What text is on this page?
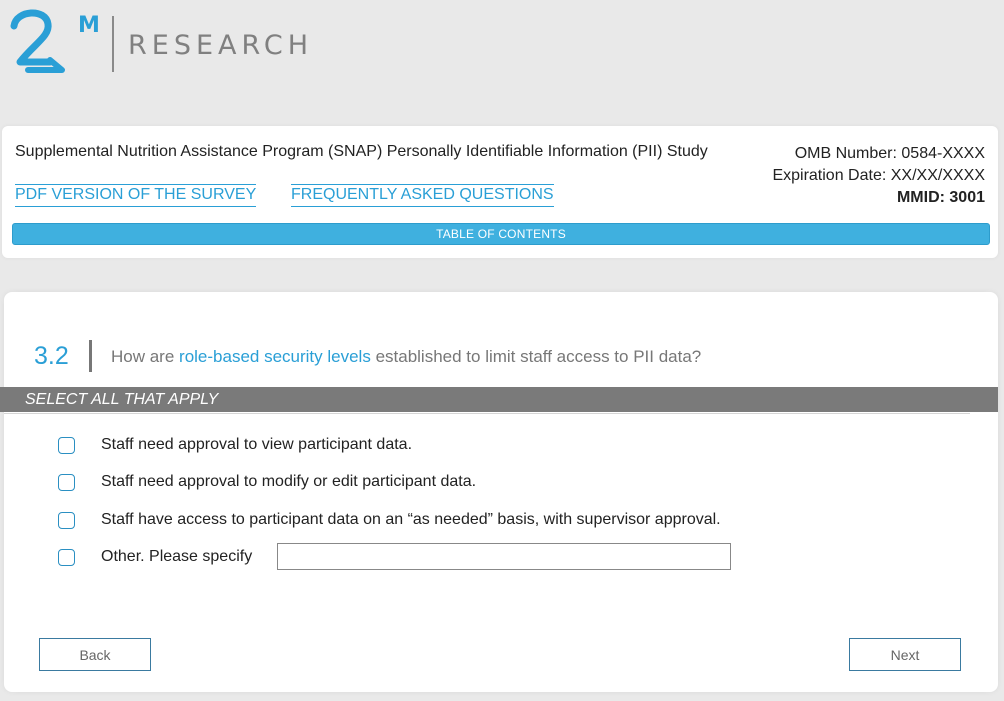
M
RESEARCH
Supplemental Nutrition Assistance Program (SNAP) Personally Identifiable Information (PII) Study	OMB Number: 0584-XXXX
Expiration Date: XX/XX/XXXX
MMID: 3001
PDF VERSION OF THE SURVEY FREQUENTLY ASKED QUESTIONS
TABLE OF CONTENTS
3.2 How are role-based security levels established to limit staff access to PII data?
SELECT ALL THAT APPLY
Staff need approval to view participant data.
Staff need approval to modify or edit participant data.
Staff have access to participant data on an “as needed” basis, with supervisor approval.
Other. Please specify
Back	Next
